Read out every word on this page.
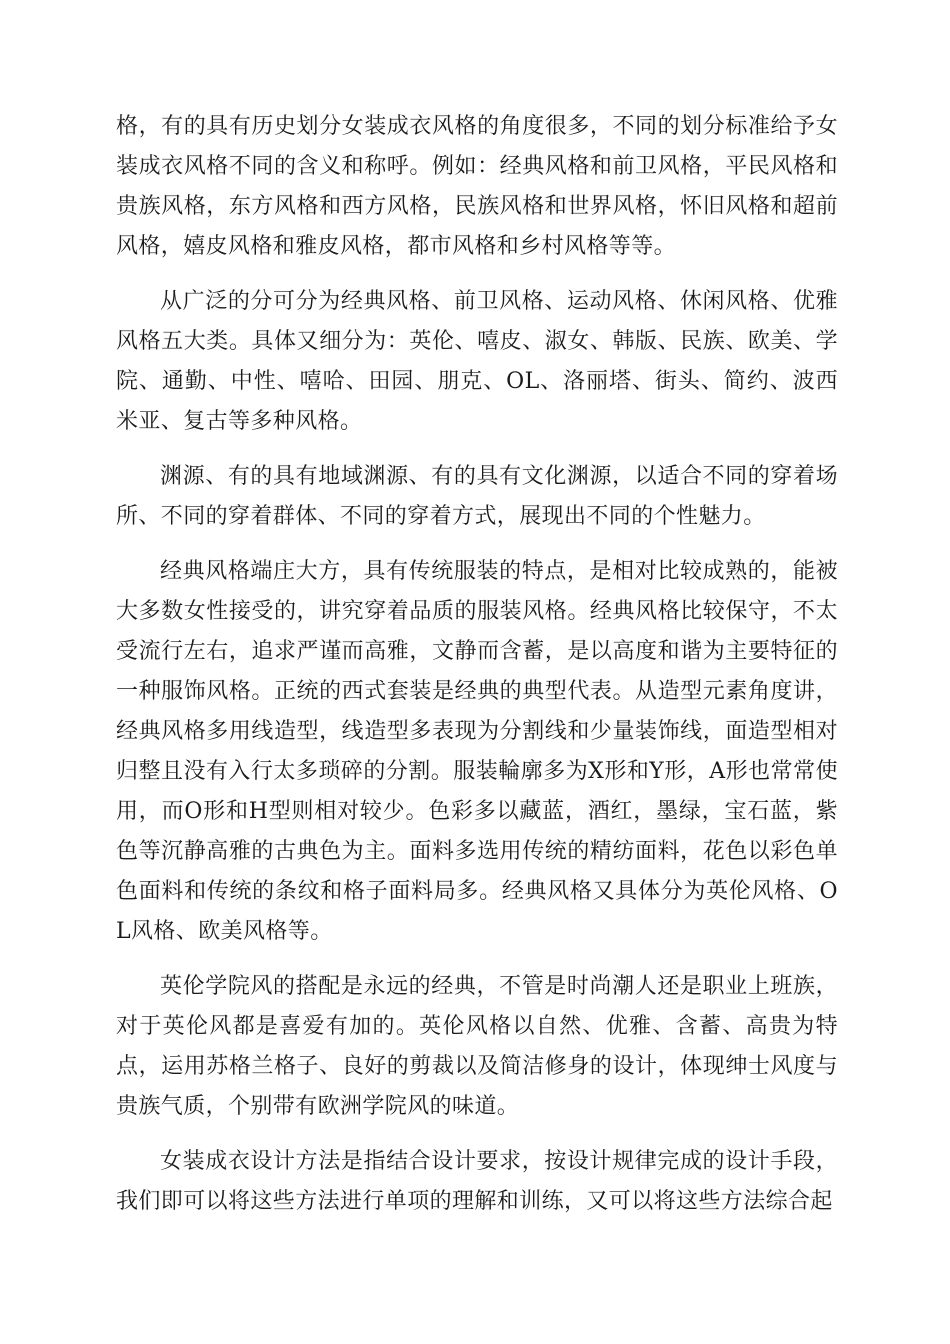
格，有的具有历史划分女装成衣风格的角度很多，不同的划分标准给予女装成衣风格不同的含义和称呼。例如：经典风格和前卫风格，平民风格和贵族风格，东方风格和西方风格，民族风格和世界风格，怀旧风格和超前风格，嬉皮风格和雅皮风格，都市风格和乡村风格等等。

从广泛的分可分为经典风格、前卫风格、运动风格、休闲风格、优雅风格五大类。具体又细分为：英伦、嘻皮、淑女、韩版、民族、欧美、学院、通勤、中性、嘻哈、田园、朋克、OL、洛丽塔、街头、简约、波西米亚、复古等多种风格。

渊源、有的具有地域渊源、有的具有文化渊源，以适合不同的穿着场所、不同的穿着群体、不同的穿着方式，展现出不同的个性魅力。

经典风格端庄大方，具有传统服装的特点，是相对比较成熟的，能被大多数女性接受的，讲究穿着品质的服装风格。经典风格比较保守，不太受流行左右，追求严谨而高雅，文静而含蓄，是以高度和谐为主要特征的一种服饰风格。正统的西式套装是经典的典型代表。从造型元素角度讲，经典风格多用线造型，线造型多表现为分割线和少量装饰线，面造型相对归整且没有入行太多琐碎的分割。服装輪廓多为X形和Y形，A形也常常使用，而O形和H型则相对较少。色彩多以藏蓝，酒红，墨绿，宝石蓝，紫色等沉静高雅的古典色为主。面料多选用传统的精纺面料，花色以彩色单色面料和传统的条纹和格子面料局多。经典风格又具体分为英伦风格、OL风格、欧美风格等。

英伦学院风的搭配是永远的经典，不管是时尚潮人还是职业上班族，对于英伦风都是喜爱有加的。英伦风格以自然、优雅、含蓄、高贵为特点，运用苏格兰格子、良好的剪裁以及简洁修身的设计，体现绅士风度与贵族气质，个别带有欧洲学院风的味道。

女装成衣设计方法是指结合设计要求，按设计规律完成的设计手段，我们即可以将这些方法进行单项的理解和训练，又可以将这些方法综合起
